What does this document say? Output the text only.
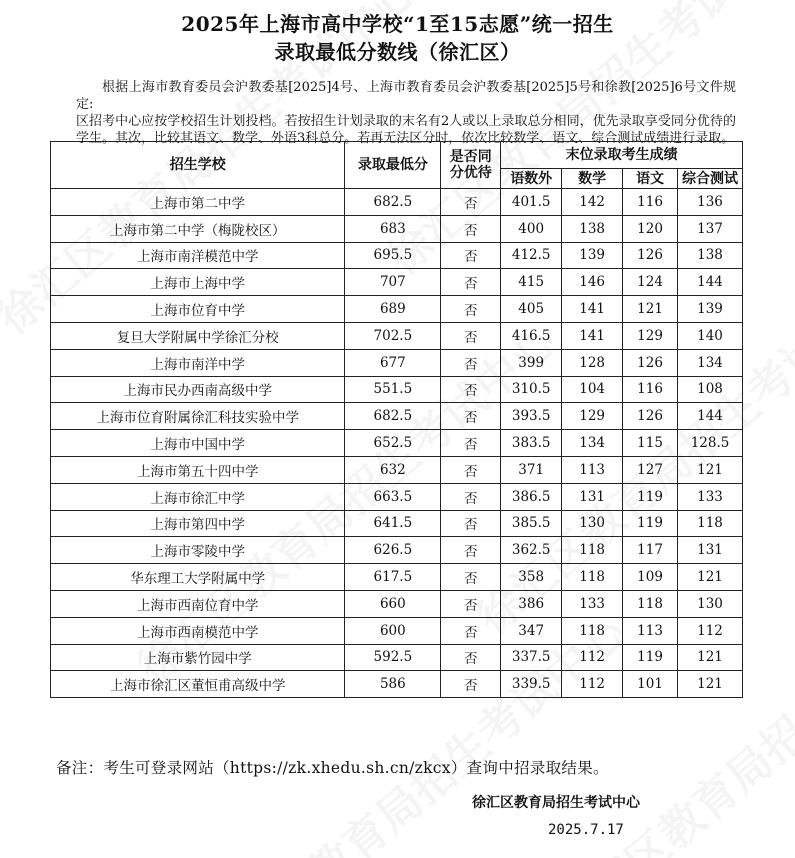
2025年上海市高中学校“1至15志愿”统一招生
录取最低分数线（徐汇区）

根据上海市教育委员会沪教委基[2025]4号、上海市教育委员会沪教委基[2025]5号和徐教[2025]6号文件规定:

区招考中心应按学校招生计划投档。若按招生计划录取的末名有2人或以上录取总分相同，优先录取享受同分优待的学生。其次，比较其语文、数学、外语3科总分。若再无法区分时，依次比较数学、语文、综合测试成绩进行录取。

招生学校	录取最低分	是否同分优待	末位录取考生成绩			
			语数外	数学	语文	综合测试
上海市第二中学	682.5	否	401.5	142	116	136
上海市第二中学（梅陇校区）	683	否	400	138	120	137
上海市南洋模范中学	695.5	否	412.5	139	126	138
上海市上海中学	707	否	415	146	124	144
上海市位育中学	689	否	405	141	121	139
复旦大学附属中学徐汇分校	702.5	否	416.5	141	129	140
上海市南洋中学	677	否	399	128	126	134
上海市民办西南高级中学	551.5	否	310.5	104	116	108
上海市位育附属徐汇科技实验中学	682.5	否	393.5	129	126	144
上海市中国中学	652.5	否	383.5	134	115	128.5
上海市第五十四中学	632	否	371	113	127	121
上海市徐汇中学	663.5	否	386.5	131	119	133
上海市第四中学	641.5	否	385.5	130	119	118
上海市零陵中学	626.5	否	362.5	118	117	131
华东理工大学附属中学	617.5	否	358	118	109	121
上海市西南位育中学	660	否	386	133	118	130
上海市西南模范中学	600	否	347	118	113	112
上海市紫竹园中学	592.5	否	337.5	112	119	121
上海市徐汇区董恒甫高级中学	586	否	339.5	112	101	121
备注：考生可登录网站（https://zk.xhedu.sh.cn/zkcx）查询中招录取结果。
徐汇区教育局招生考试中心
2025.7.17
